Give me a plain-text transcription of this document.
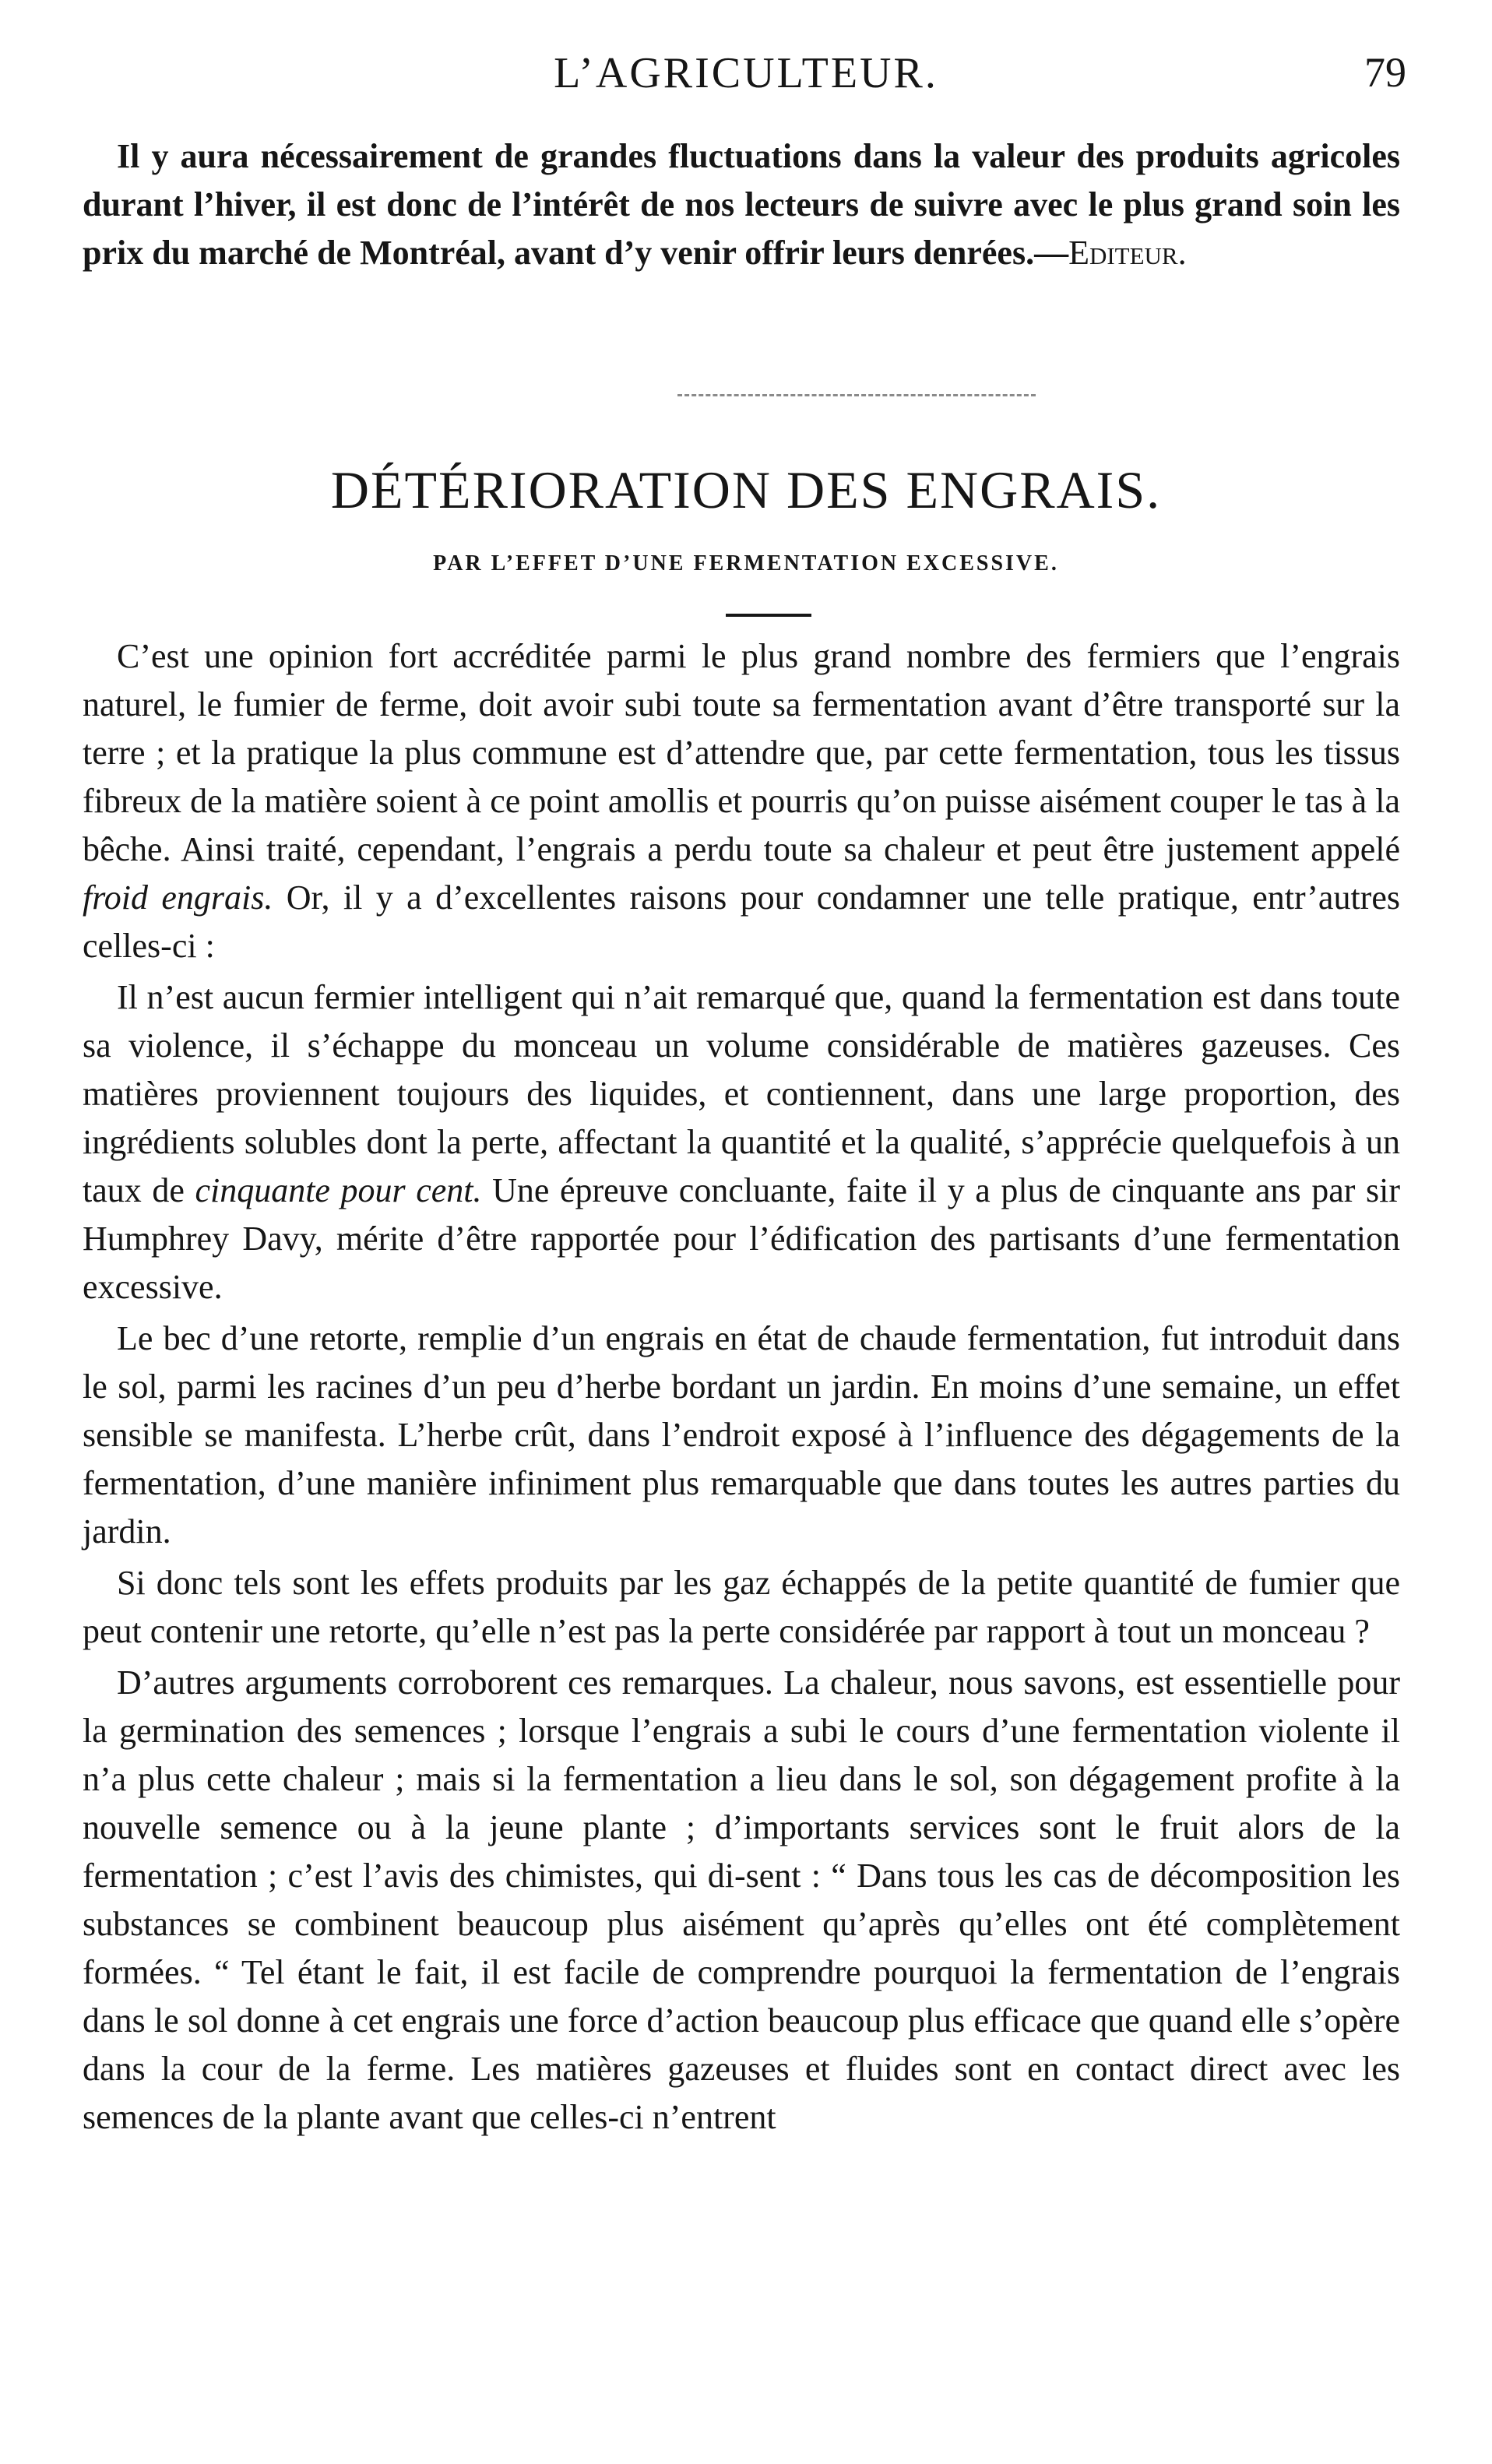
L’AGRICULTEUR.	79

Il y aura nécessairement de grandes fluctuations dans la valeur des produits agricoles durant l’hiver, il est donc de l’intérêt de nos lecteurs de suivre avec le plus grand soin les prix du marché de Montréal, avant d’y venir offrir leurs denrées.—Editeur.

DÉTÉRIORATION DES ENGRAIS.
PAR L’EFFET D’UNE FERMENTATION EXCESSIVE.

C’est une opinion fort accréditée parmi le plus grand nombre des fermiers que l’engrais naturel, le fumier de ferme, doit avoir subi toute sa fermentation avant d’être transporté sur la terre ; et la pratique la plus commune est d’attendre que, par cette fermentation, tous les tissus fibreux de la matière soient à ce point amollis et pourris qu’on puisse aisément couper le tas à la bêche. Ainsi traité, cependant, l’engrais a perdu toute sa chaleur et peut être justement appelé froid engrais. Or, il y a d’excellentes raisons pour condamner une telle pratique, entr’autres celles-ci :

Il n’est aucun fermier intelligent qui n’ait remarqué que, quand la fermentation est dans toute sa violence, il s’échappe du monceau un volume considérable de matières gazeuses. Ces matières proviennent toujours des liquides, et contiennent, dans une large proportion, des ingrédients solubles dont la perte, affectant la quantité et la qualité, s’apprécie quelquefois à un taux de cinquante pour cent. Une épreuve concluante, faite il y a plus de cinquante ans par sir Humphrey Davy, mérite d’être rapportée pour l’édification des partisants d’une fermentation excessive.

Le bec d’une retorte, remplie d’un engrais en état de chaude fermentation, fut introduit dans le sol, parmi les racines d’un peu d’herbe bordant un jardin. En moins d’une semaine, un effet sensible se manifesta. L’herbe crût, dans l’endroit exposé à l’influence des dégagements de la fermentation, d’une manière infiniment plus remarquable que dans toutes les autres parties du jardin.

Si donc tels sont les effets produits par les gaz échappés de la petite quantité de fumier que peut contenir une retorte, qu’elle n’est pas la perte considérée par rapport à tout un monceau ?

D’autres arguments corroborent ces remarques. La chaleur, nous savons, est essentielle pour la germination des semences ; lorsque l’engrais a subi le cours d’une fermentation violente il n’a plus cette chaleur ; mais si la fermentation a lieu dans le sol, son dégagement profite à la nouvelle semence ou à la jeune plante ; d’importants services sont le fruit alors de la fermentation ; c’est l’avis des chimistes, qui di-sent : “ Dans tous les cas de décomposition les substances se combinent beaucoup plus aisément qu’après qu’elles ont été complètement formées. “ Tel étant le fait, il est facile de comprendre pourquoi la fermentation de l’engrais dans le sol donne à cet engrais une force d’action beaucoup plus efficace que quand elle s’opère dans la cour de la ferme. Les matières gazeuses et fluides sont en contact direct avec les semences de la plante avant que celles-ci n’entrent
